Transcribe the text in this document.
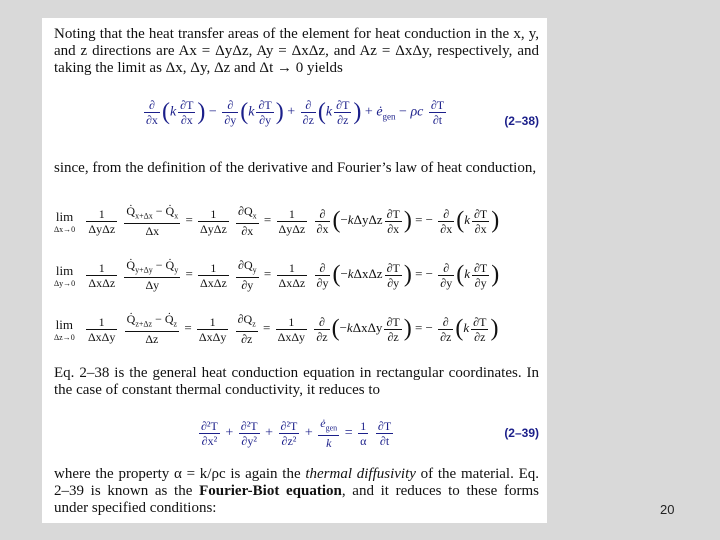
Noting that the heat transfer areas of the element for heat conduction in the x, y, and z directions are Ax = ΔyΔz, Ay = ΔxΔz, and Az = ΔxΔy, respectively, and taking the limit as Δx, Δy, Δz and Δt → 0 yields
$\frac{\partial}{\partial x} (k \frac{\partial T}{\partial x}$ ) − $\frac{\partial}{\partial y} (k \frac{\partial T}{\partial y}$ ) + $\frac{\partial}{\partial z} (k \frac{\partial T}{\partial z}$ ) + $ė_{gen} - \rho c \frac{\partial T}{\partial t}$	(2–38)
since, from the definition of the derivative and Fourier’s law of heat conduction,
lim
Δx→0
$\frac{1}{\text{ΔyΔz}}$
$\frac{Q̇_{x+\Delta x} - Q̇_x}{\Delta x} = \frac{1}{\text{ΔyΔz}}$
$\frac{\partial Q_x}{\partial x} = \frac{1}{\text{ΔyΔz}}$
$\frac{\partial}{\partial x} (-k\Delta y\Delta z \frac{\partial T}{\partial x}$ ) = − $\frac{\partial}{\partial x} (k \frac{\partial T}{\partial x}$ )
lim
Δy→0
$\frac{1}{\text{ΔxΔz}}$
$\frac{Q̇_{y+\Delta y} - Q̇_y}{\Delta y} = \frac{1}{\text{ΔxΔz}}$
$\frac{\partial Q_y}{\partial y} = \frac{1}{\text{ΔxΔz}}$
$\frac{\partial}{\partial y} (-k\Delta x\Delta z \frac{\partial T}{\partial y}$ ) = − $\frac{\partial}{\partial y} (k \frac{\partial T}{\partial y}$ )
lim
Δz→0
$\frac{1}{\text{ΔxΔy}}$
$\frac{Q̇_{z+\Delta z} - Q̇_z}{\Delta z} = \frac{1}{\text{ΔxΔy}}$
$\frac{\partial Q_z}{\partial z} = \frac{1}{\text{ΔxΔy}}$
$\frac{\partial}{\partial z} (-k\Delta x\Delta y \frac{\partial T}{\partial z}$ ) = − $\frac{\partial}{\partial z} (k \frac{\partial T}{\partial z}$ )
Eq. 2–38 is the general heat conduction equation in rectangular coordinates. In the case of constant thermal conductivity, it reduces to
$\frac{\text{∂²T}}{\text{∂x²}} + \frac{\text{∂²T}}{\text{∂y²}} + \frac{\text{∂²T}}{\text{∂z²}} + \frac{ė_{gen}}{k} = \frac{1}{\alpha}$
$\frac{\partial T}{\partial t}$	(2–39)
where the property α = k/ρc is again the thermal diffusivity of the material. Eq. 2–39 is known as the Fourier-Biot equation, and it reduces to these forms under specified conditions:	20
